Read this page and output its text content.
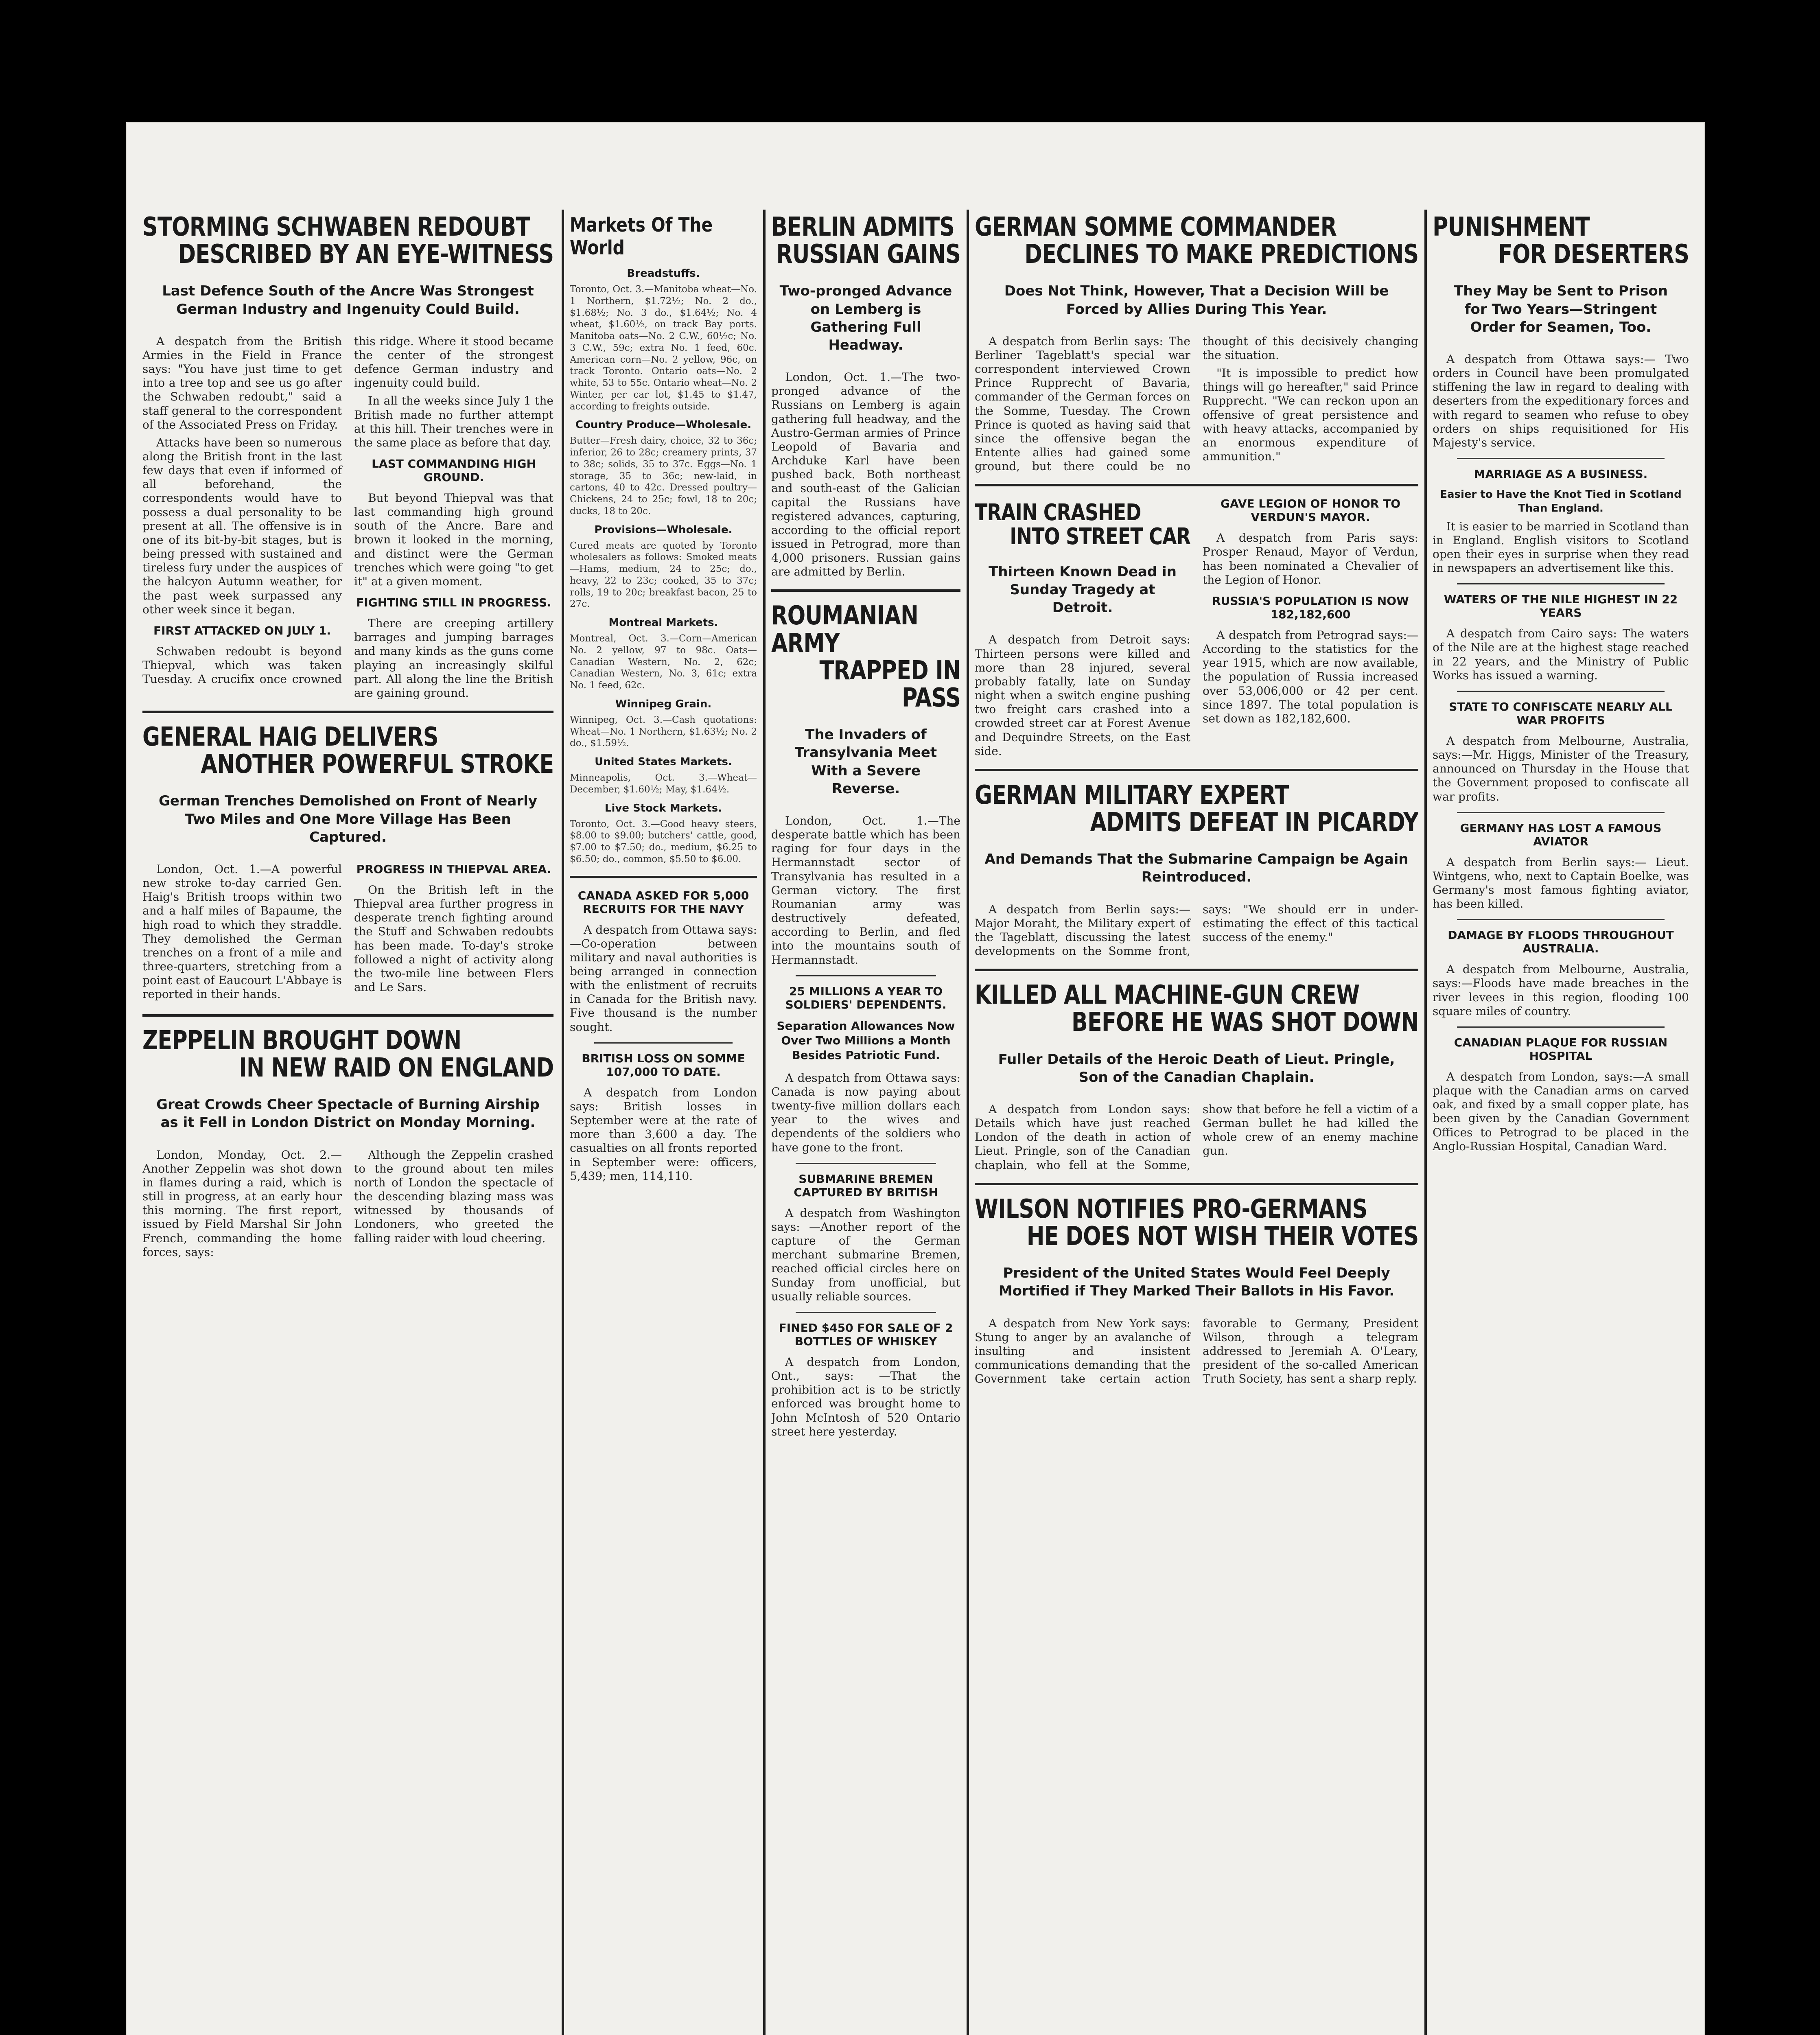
STORMING SCHWABEN REDOUBT
DESCRIBED BY AN EYE-WITNESS
Last Defence South of the Ancre Was Strongest German Industry and Ingenuity Could Build.

A despatch from the British Armies in the Field in France says: "You have just time to get into a tree top and see us go after the Schwaben redoubt," said a staff general to the correspondent of the Associated Press on Friday.

Attacks have been so numerous along the British front in the last few days that even if informed of all beforehand, the correspondents would have to possess a dual personality to be present at all. The offensive is in one of its bit-by-bit stages, but is being pressed with sustained and tireless fury under the auspices of the halcyon Autumn weather, for the past week surpassed any other week since it began.

FIRST ATTACKED ON JULY 1.

Schwaben redoubt is beyond Thiepval, which was taken Tuesday. A crucifix once crowned this ridge. Where it stood became the center of the strongest defence German industry and ingenuity could build.

In all the weeks since July 1 the British made no further attempt at this hill. Their trenches were in the same place as before that day.

LAST COMMANDING HIGH GROUND.

But beyond Thiepval was that last commanding high ground south of the Ancre. Bare and brown it looked in the morning, and distinct were the German trenches which were going "to get it" at a given moment.

FIGHTING STILL IN PROGRESS.

There are creeping artillery barrages and jumping barrages and many kinds as the guns come playing an increasingly skilful part. All along the line the British are gaining ground.

GENERAL HAIG DELIVERS
ANOTHER POWERFUL STROKE
German Trenches Demolished on Front of Nearly Two Miles and One More Village Has Been Captured.

London, Oct. 1.—A powerful new stroke to-day carried Gen. Haig's British troops within two and a half miles of Bapaume, the high road to which they straddle. They demolished the German trenches on a front of a mile and three-quarters, stretching from a point east of Eaucourt L'Abbaye is reported in their hands.

PROGRESS IN THIEPVAL AREA.

On the British left in the Thiepval area further progress in desperate trench fighting around the Stuff and Schwaben redoubts has been made. To-day's stroke followed a night of activity along the two-mile line between Flers and Le Sars.

ZEPPELIN BROUGHT DOWN
IN NEW RAID ON ENGLAND
Great Crowds Cheer Spectacle of Burning Airship as it Fell in London District on Monday Morning.

London, Monday, Oct. 2.—Another Zeppelin was shot down in flames during a raid, which is still in progress, at an early hour this morning. The first report, issued by Field Marshal Sir John French, commanding the home forces, says:

Although the Zeppelin crashed to the ground about ten miles north of London the spectacle of the descending blazing mass was witnessed by thousands of Londoners, who greeted the falling raider with loud cheering.

Markets Of The World
Breadstuffs.

Toronto, Oct. 3.—Manitoba wheat—No. 1 Northern, $1.72½; No. 2 do., $1.68½; No. 3 do., $1.64½; No. 4 wheat, $1.60½, on track Bay ports. Manitoba oats—No. 2 C.W., 60½c; No. 3 C.W., 59c; extra No. 1 feed, 60c. American corn—No. 2 yellow, 96c, on track Toronto. Ontario oats—No. 2 white, 53 to 55c. Ontario wheat—No. 2 Winter, per car lot, $1.45 to $1.47, according to freights outside.

Country Produce—Wholesale.

Butter—Fresh dairy, choice, 32 to 36c; inferior, 26 to 28c; creamery prints, 37 to 38c; solids, 35 to 37c. Eggs—No. 1 storage, 35 to 36c; new-laid, in cartons, 40 to 42c. Dressed poultry—Chickens, 24 to 25c; fowl, 18 to 20c; ducks, 18 to 20c.

Provisions—Wholesale.

Cured meats are quoted by Toronto wholesalers as follows: Smoked meats—Hams, medium, 24 to 25c; do., heavy, 22 to 23c; cooked, 35 to 37c; rolls, 19 to 20c; breakfast bacon, 25 to 27c.

Montreal Markets.

Montreal, Oct. 3.—Corn—American No. 2 yellow, 97 to 98c. Oats—Canadian Western, No. 2, 62c; Canadian Western, No. 3, 61c; extra No. 1 feed, 62c.

Winnipeg Grain.

Winnipeg, Oct. 3.—Cash quotations: Wheat—No. 1 Northern, $1.63½; No. 2 do., $1.59½.

United States Markets.

Minneapolis, Oct. 3.—Wheat—December, $1.60½; May, $1.64½.

Live Stock Markets.

Toronto, Oct. 3.—Good heavy steers, $8.00 to $9.00; butchers' cattle, good, $7.00 to $7.50; do., medium, $6.25 to $6.50; do., common, $5.50 to $6.00.

CANADA ASKED FOR 5,000 RECRUITS FOR THE NAVY

A despatch from Ottawa says:—Co-operation between military and naval authorities is being arranged in connection with the enlistment of recruits in Canada for the British navy. Five thousand is the number sought.

BRITISH LOSS ON SOMME 107,000 TO DATE.

A despatch from London says: British losses in September were at the rate of more than 3,600 a day. The casualties on all fronts reported in September were: officers, 5,439; men, 114,110.

BERLIN ADMITS
RUSSIAN GAINS
Two-pronged Advance on Lemberg is Gathering Full Headway.

London, Oct. 1.—The two-pronged advance of the Russians on Lemberg is again gathering full headway, and the Austro-German armies of Prince Leopold of Bavaria and Archduke Karl have been pushed back. Both northeast and south-east of the Galician capital the Russians have registered advances, capturing, according to the official report issued in Petrograd, more than 4,000 prisoners. Russian gains are admitted by Berlin.

ROUMANIAN ARMY
TRAPPED IN PASS
The Invaders of Transylvania Meet With a Severe Reverse.

London, Oct. 1.—The desperate battle which has been raging for four days in the Hermannstadt sector of Transylvania has resulted in a German victory. The first Roumanian army was destructively defeated, according to Berlin, and fled into the mountains south of Hermannstadt.

25 MILLIONS A YEAR TO SOLDIERS' DEPENDENTS.
Separation Allowances Now Over Two Millions a Month Besides Patriotic Fund.

A despatch from Ottawa says: Canada is now paying about twenty-five million dollars each year to the wives and dependents of the soldiers who have gone to the front.

SUBMARINE BREMEN CAPTURED BY BRITISH

A despatch from Washington says: —Another report of the capture of the German merchant submarine Bremen, reached official circles here on Sunday from unofficial, but usually reliable sources.

FINED $450 FOR SALE OF 2 BOTTLES OF WHISKEY

A despatch from London, Ont., says: —That the prohibition act is to be strictly enforced was brought home to John McIntosh of 520 Ontario street here yesterday.

GERMAN SOMME COMMANDER
DECLINES TO MAKE PREDICTIONS
Does Not Think, However, That a Decision Will be Forced by Allies During This Year.

A despatch from Berlin says: The Berliner Tageblatt's special war correspondent interviewed Crown Prince Rupprecht of Bavaria, commander of the German forces on the Somme, Tuesday. The Crown Prince is quoted as having said that since the offensive began the Entente allies had gained some ground, but there could be no thought of this decisively changing the situation.

"It is impossible to predict how things will go hereafter," said Prince Rupprecht. "We can reckon upon an offensive of great persistence and with heavy attacks, accompanied by an enormous expenditure of ammunition."

TRAIN CRASHED
INTO STREET CAR
Thirteen Known Dead in Sunday Tragedy at Detroit.

A despatch from Detroit says: Thirteen persons were killed and more than 28 injured, several probably fatally, late on Sunday night when a switch engine pushing two freight cars crashed into a crowded street car at Forest Avenue and Dequindre Streets, on the East side.

GAVE LEGION OF HONOR TO VERDUN'S MAYOR.

A despatch from Paris says: Prosper Renaud, Mayor of Verdun, has been nominated a Chevalier of the Legion of Honor.

RUSSIA'S POPULATION IS NOW 182,182,600

A despatch from Petrograd says:— According to the statistics for the year 1915, which are now available, the population of Russia increased over 53,006,000 or 42 per cent. since 1897. The total population is set down as 182,182,600.

GERMAN MILITARY EXPERT
ADMITS DEFEAT IN PICARDY
And Demands That the Submarine Campaign be Again Reintroduced.

A despatch from Berlin says:— Major Moraht, the Military expert of the Tageblatt, discussing the latest developments on the Somme front, says: "We should err in under-estimating the effect of this tactical success of the enemy."

KILLED ALL MACHINE-GUN CREW
BEFORE HE WAS SHOT DOWN
Fuller Details of the Heroic Death of Lieut. Pringle, Son of the Canadian Chaplain.

A despatch from London says: Details which have just reached London of the death in action of Lieut. Pringle, son of the Canadian chaplain, who fell at the Somme, show that before he fell a victim of a German bullet he had killed the whole crew of an enemy machine gun.

WILSON NOTIFIES PRO-GERMANS
HE DOES NOT WISH THEIR VOTES
President of the United States Would Feel Deeply Mortified if They Marked Their Ballots in His Favor.

A despatch from New York says: Stung to anger by an avalanche of insulting and insistent communications demanding that the Government take certain action favorable to Germany, President Wilson, through a telegram addressed to Jeremiah A. O'Leary, president of the so-called American Truth Society, has sent a sharp reply.

PUNISHMENT
FOR DESERTERS
They May be Sent to Prison for Two Years—Stringent Order for Seamen, Too.

A despatch from Ottawa says:— Two orders in Council have been promulgated stiffening the law in regard to dealing with deserters from the expeditionary forces and with regard to seamen who refuse to obey orders on ships requisitioned for His Majesty's service.

MARRIAGE AS A BUSINESS.
Easier to Have the Knot Tied in Scotland Than England.

It is easier to be married in Scotland than in England. English visitors to Scotland open their eyes in surprise when they read in newspapers an advertisement like this.

WATERS OF THE NILE HIGHEST IN 22 YEARS

A despatch from Cairo says: The waters of the Nile are at the highest stage reached in 22 years, and the Ministry of Public Works has issued a warning.

STATE TO CONFISCATE NEARLY ALL WAR PROFITS

A despatch from Melbourne, Australia, says:—Mr. Higgs, Minister of the Treasury, announced on Thursday in the House that the Government proposed to confiscate all war profits.

GERMANY HAS LOST A FAMOUS AVIATOR

A despatch from Berlin says:— Lieut. Wintgens, who, next to Captain Boelke, was Germany's most famous fighting aviator, has been killed.

DAMAGE BY FLOODS THROUGHOUT AUSTRALIA.

A despatch from Melbourne, Australia, says:—Floods have made breaches in the river levees in this region, flooding 100 square miles of country.

CANADIAN PLAQUE FOR RUSSIAN HOSPITAL

A despatch from London, says:—A small plaque with the Canadian arms on carved oak, and fixed by a small copper plate, has been given by the Canadian Government Offices to Petrograd to be placed in the Anglo-Russian Hospital, Canadian Ward.
